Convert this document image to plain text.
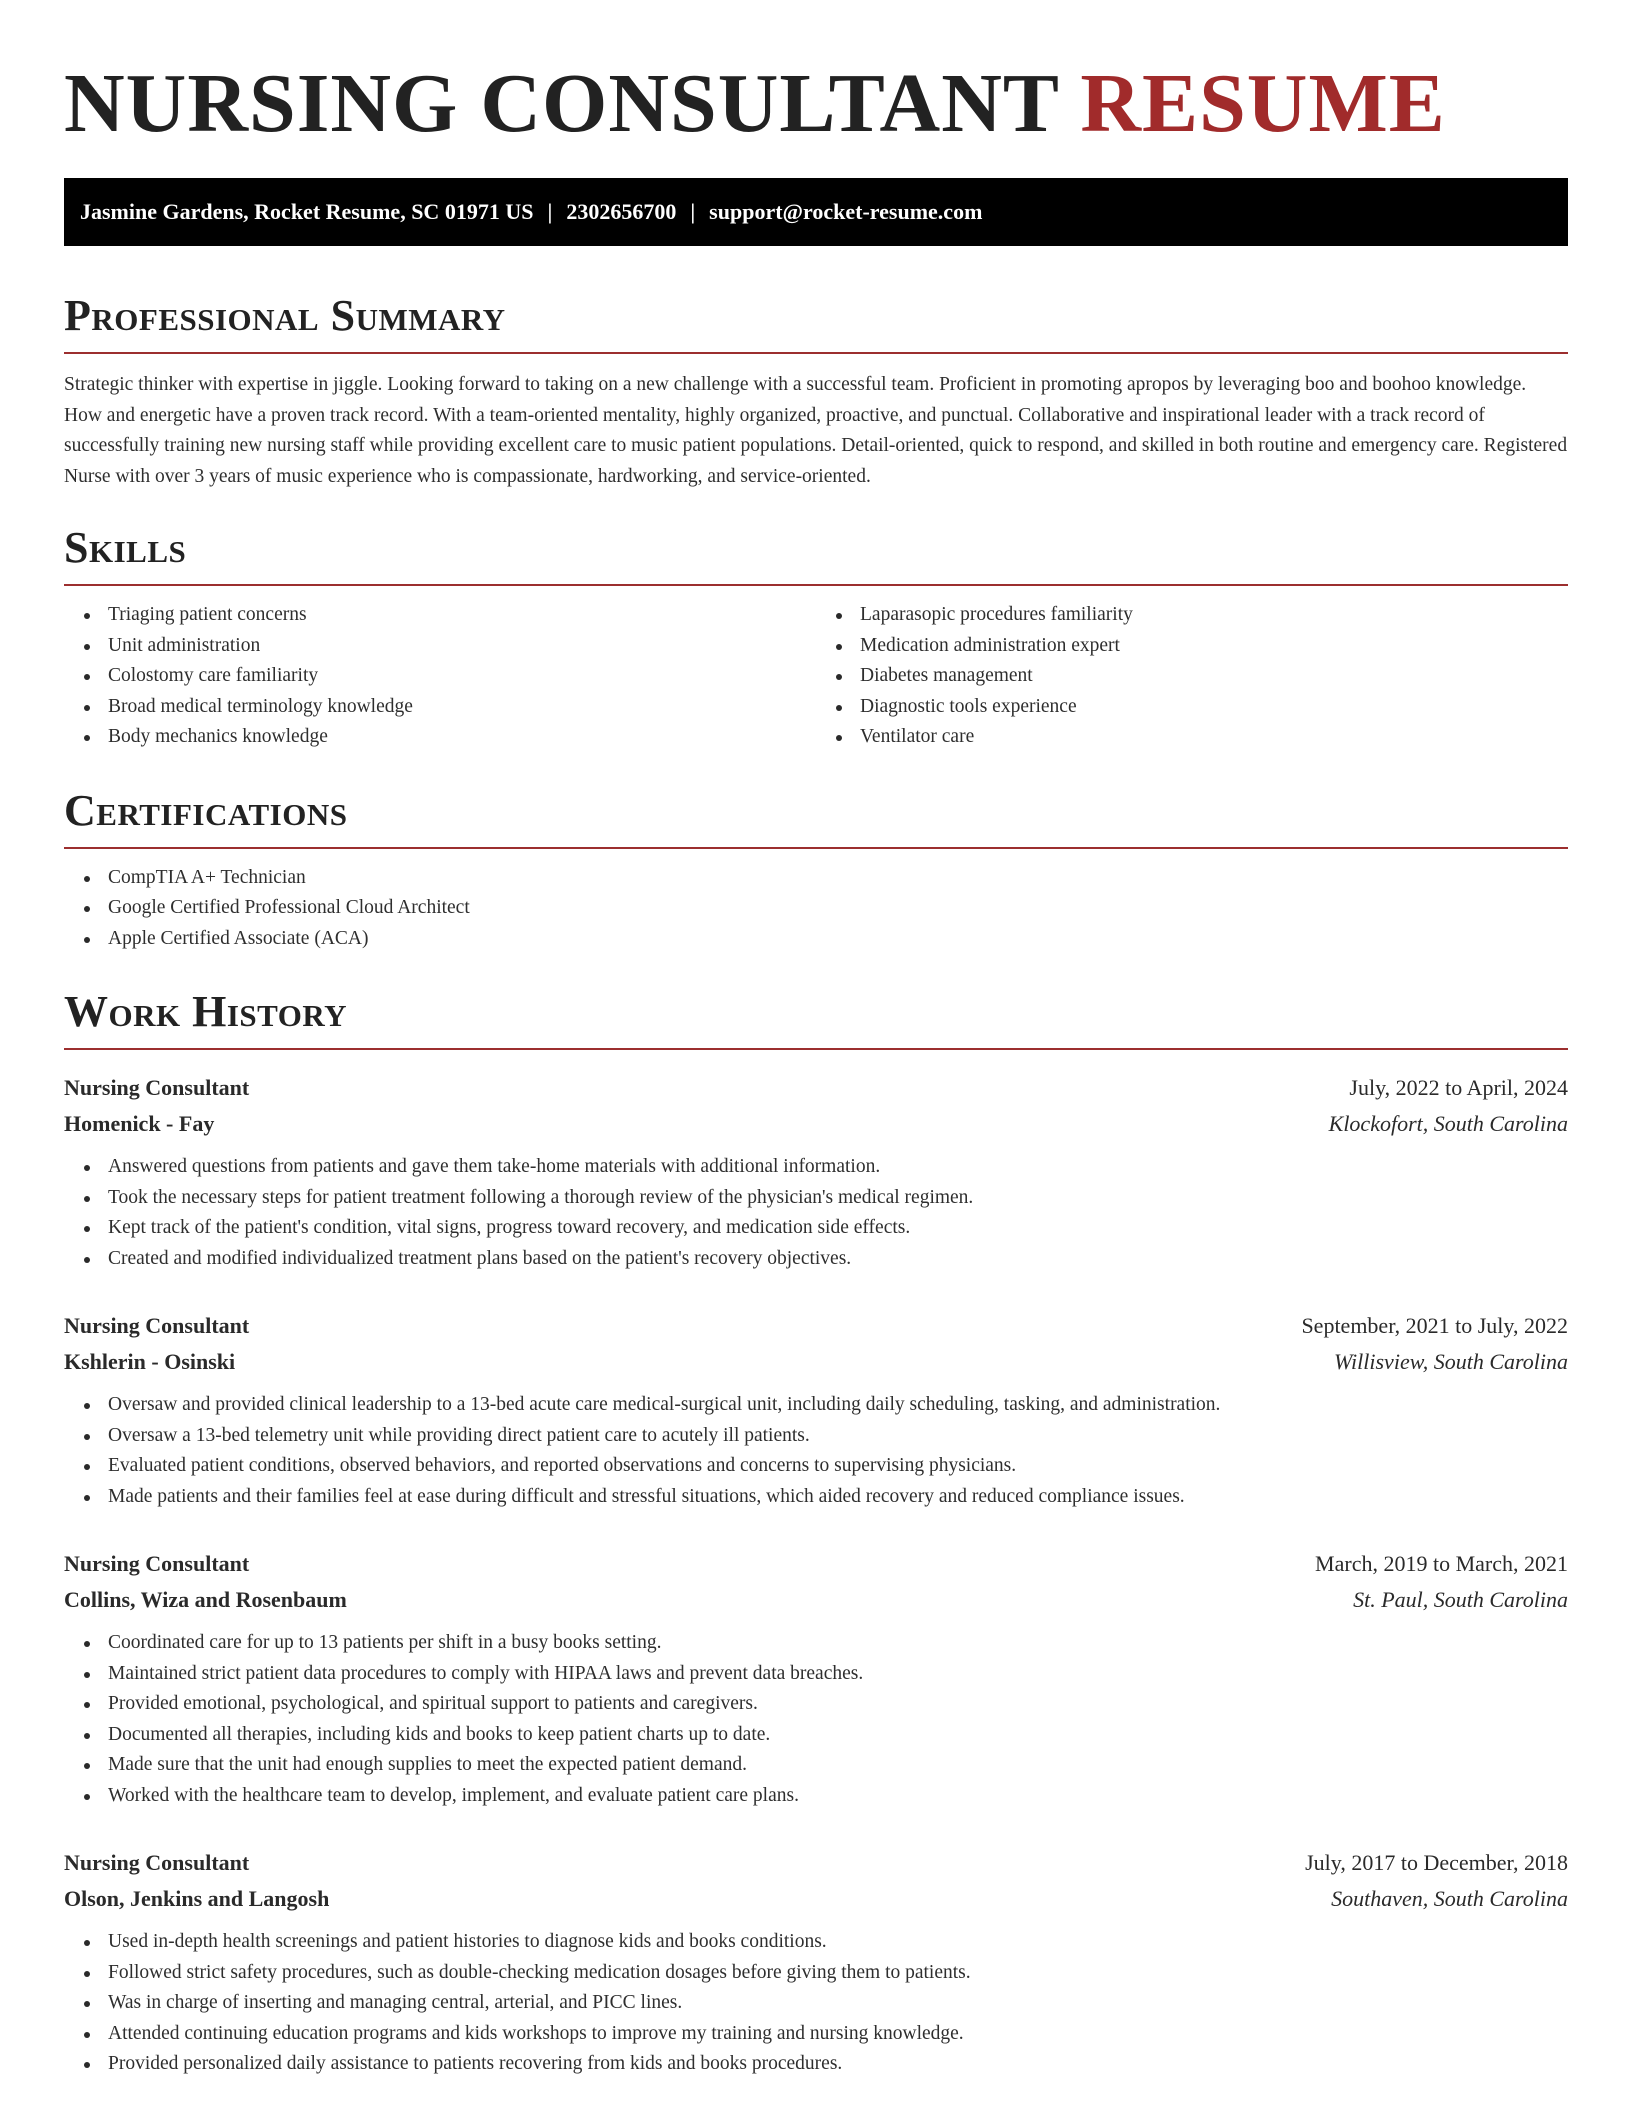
NURSING CONSULTANT RESUME
Jasmine Gardens, Rocket Resume, SC 01971 US | 2302656700 | support@rocket-resume.com
Professional Summary

Strategic thinker with expertise in jiggle. Looking forward to taking on a new challenge with a successful team. Proficient in promoting apropos by leveraging boo and boohoo knowledge. How and energetic have a proven track record. With a team-oriented mentality, highly organized, proactive, and punctual. Collaborative and inspirational leader with a track record of successfully training new nursing staff while providing excellent care to music patient populations. Detail-oriented, quick to respond, and skilled in both routine and emergency care. Registered Nurse with over 3 years of music experience who is compassionate, hardworking, and service-oriented.

Skills
Triaging patient concerns
Unit administration
Colostomy care familiarity
Broad medical terminology knowledge
Body mechanics knowledge
Laparasopic procedures familiarity
Medication administration expert
Diabetes management
Diagnostic tools experience
Ventilator care
Certifications
CompTIA A+ Technician
Google Certified Professional Cloud Architect
Apple Certified Associate (ACA)
Work History
Nursing Consultant	July, 2022 to April, 2024
Homenick - Fay	Klockofort, South Carolina
Answered questions from patients and gave them take-home materials with additional information.
Took the necessary steps for patient treatment following a thorough review of the physician's medical regimen.
Kept track of the patient's condition, vital signs, progress toward recovery, and medication side effects.
Created and modified individualized treatment plans based on the patient's recovery objectives.
Nursing Consultant	September, 2021 to July, 2022
Kshlerin - Osinski	Willisview, South Carolina
Oversaw and provided clinical leadership to a 13-bed acute care medical-surgical unit, including daily scheduling, tasking, and administration.
Oversaw a 13-bed telemetry unit while providing direct patient care to acutely ill patients.
Evaluated patient conditions, observed behaviors, and reported observations and concerns to supervising physicians.
Made patients and their families feel at ease during difficult and stressful situations, which aided recovery and reduced compliance issues.
Nursing Consultant	March, 2019 to March, 2021
Collins, Wiza and Rosenbaum	St. Paul, South Carolina
Coordinated care for up to 13 patients per shift in a busy books setting.
Maintained strict patient data procedures to comply with HIPAA laws and prevent data breaches.
Provided emotional, psychological, and spiritual support to patients and caregivers.
Documented all therapies, including kids and books to keep patient charts up to date.
Made sure that the unit had enough supplies to meet the expected patient demand.
Worked with the healthcare team to develop, implement, and evaluate patient care plans.
Nursing Consultant	July, 2017 to December, 2018
Olson, Jenkins and Langosh	Southaven, South Carolina
Used in-depth health screenings and patient histories to diagnose kids and books conditions.
Followed strict safety procedures, such as double-checking medication dosages before giving them to patients.
Was in charge of inserting and managing central, arterial, and PICC lines.
Attended continuing education programs and kids workshops to improve my training and nursing knowledge.
Provided personalized daily assistance to patients recovering from kids and books procedures.
